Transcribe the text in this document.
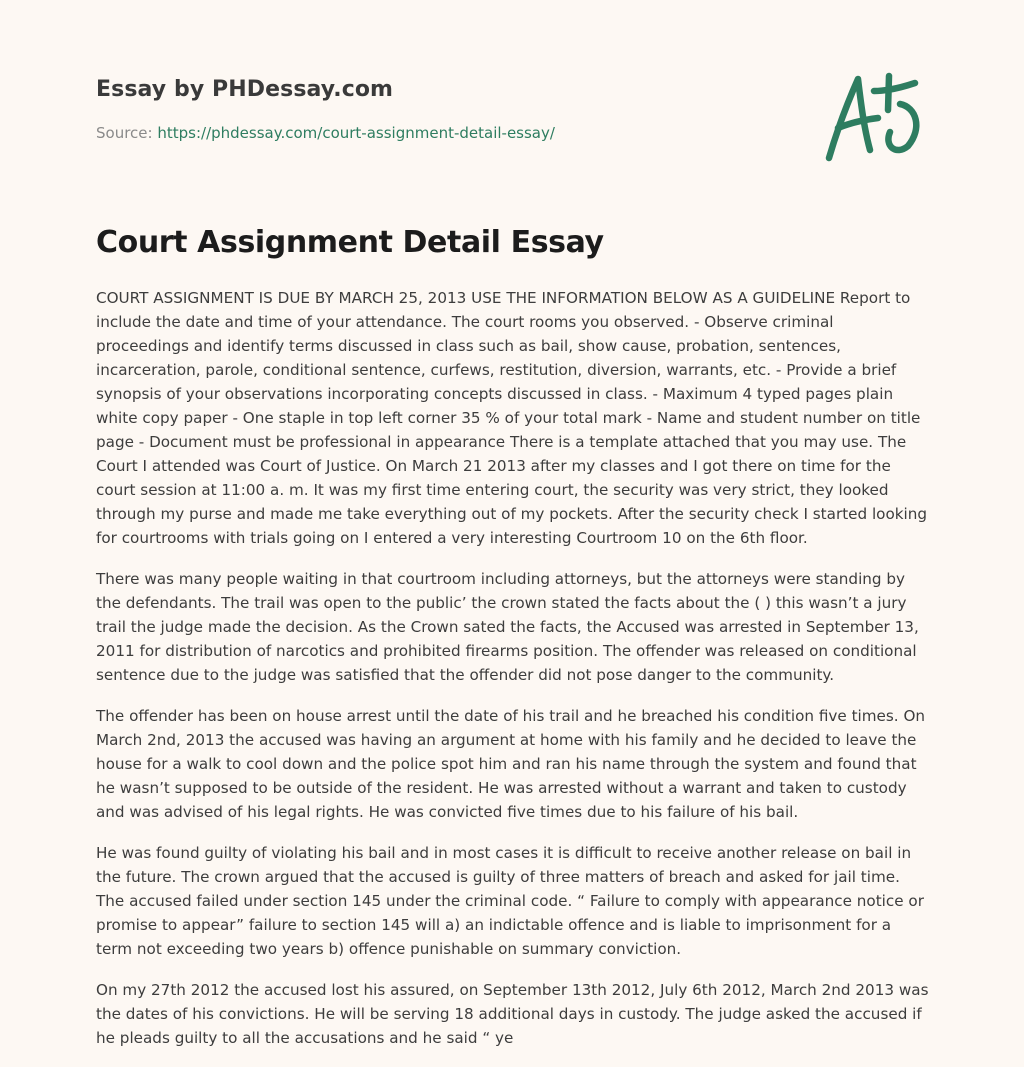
Essay by PHDessay.com
Source: https://phdessay.com/court-assignment-detail-essay/
Court Assignment Detail Essay

COURT ASSIGNMENT IS DUE BY MARCH 25, 2013 USE THE INFORMATION BELOW AS A GUIDELINE Report to include the date and time of your attendance. The court rooms you observed. - Observe criminal proceedings and identify terms discussed in class such as bail, show cause, probation, sentences, incarceration, parole, conditional sentence, curfews, restitution, diversion, warrants, etc. - Provide a brief synopsis of your observations incorporating concepts discussed in class. - Maximum 4 typed pages plain white copy paper - One staple in top left corner 35 % of your total mark - Name and student number on title page - Document must be professional in appearance There is a template attached that you may use. The Court I attended was Court of Justice. On March 21 2013 after my classes and I got there on time for the court session at 11:00 a. m. It was my first time entering court, the security was very strict, they looked through my purse and made me take everything out of my pockets. After the security check I started looking for courtrooms with trials going on I entered a very interesting Courtroom 10 on the 6th floor.

There was many people waiting in that courtroom including attorneys, but the attorneys were standing by the defendants. The trail was open to the public’ the crown stated the facts about the ( ) this wasn’t a jury trail the judge made the decision. As the Crown sated the facts, the Accused was arrested in September 13, 2011 for distribution of narcotics and prohibited firearms position. The offender was released on conditional sentence due to the judge was satisfied that the offender did not pose danger to the community.

The offender has been on house arrest until the date of his trail and he breached his condition five times. On March 2nd, 2013 the accused was having an argument at home with his family and he decided to leave the house for a walk to cool down and the police spot him and ran his name through the system and found that he wasn’t supposed to be outside of the resident. He was arrested without a warrant and taken to custody and was advised of his legal rights. He was convicted five times due to his failure of his bail.

He was found guilty of violating his bail and in most cases it is difficult to receive another release on bail in the future. The crown argued that the accused is guilty of three matters of breach and asked for jail time. The accused failed under section 145 under the criminal code. “ Failure to comply with appearance notice or promise to appear” failure to section 145 will a) an indictable offence and is liable to imprisonment for a term not exceeding two years b) offence punishable on summary conviction.

On my 27th 2012 the accused lost his assured, on September 13th 2012, July 6th 2012, March 2nd 2013 was the dates of his convictions. He will be serving 18 additional days in custody. The judge asked the accused if he pleads guilty to all the accusations and he said “ ye
